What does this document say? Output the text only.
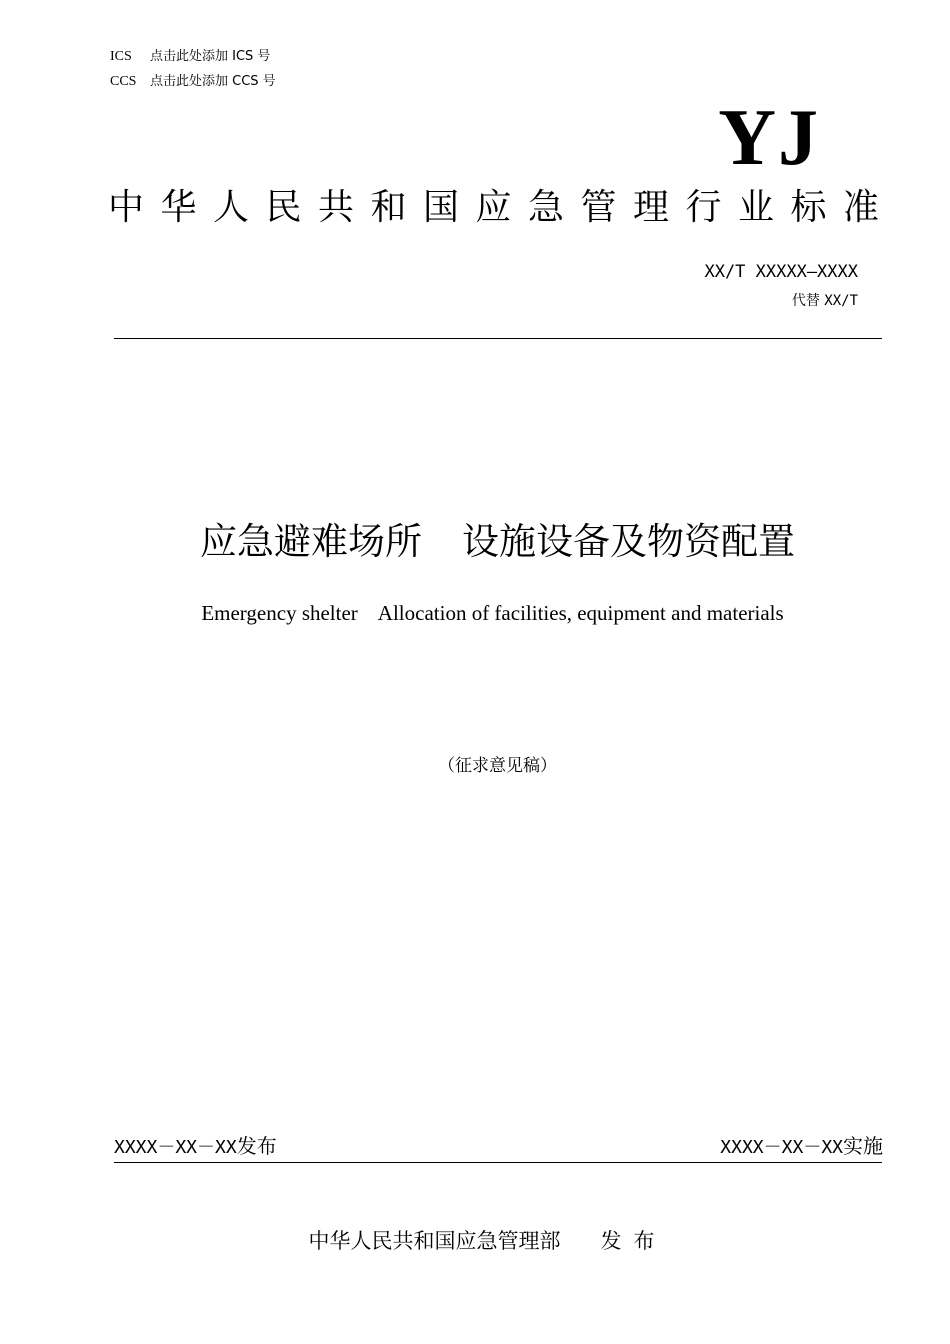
ICS 点击此处添加 ICS 号
CCS 点击此处添加 CCS 号
YJ
中华人民共和国应急管理行业标准
XX/T XXXXX—XXXX
代替 XX/T
应急避难场所 设施设备及物资配置
Emergency shelter Allocation of facilities, equipment and materials
（征求意见稿）
XXXX－XX－XX发布	XXXX－XX－XX实施
中华人民共和国应急管理部 发布
